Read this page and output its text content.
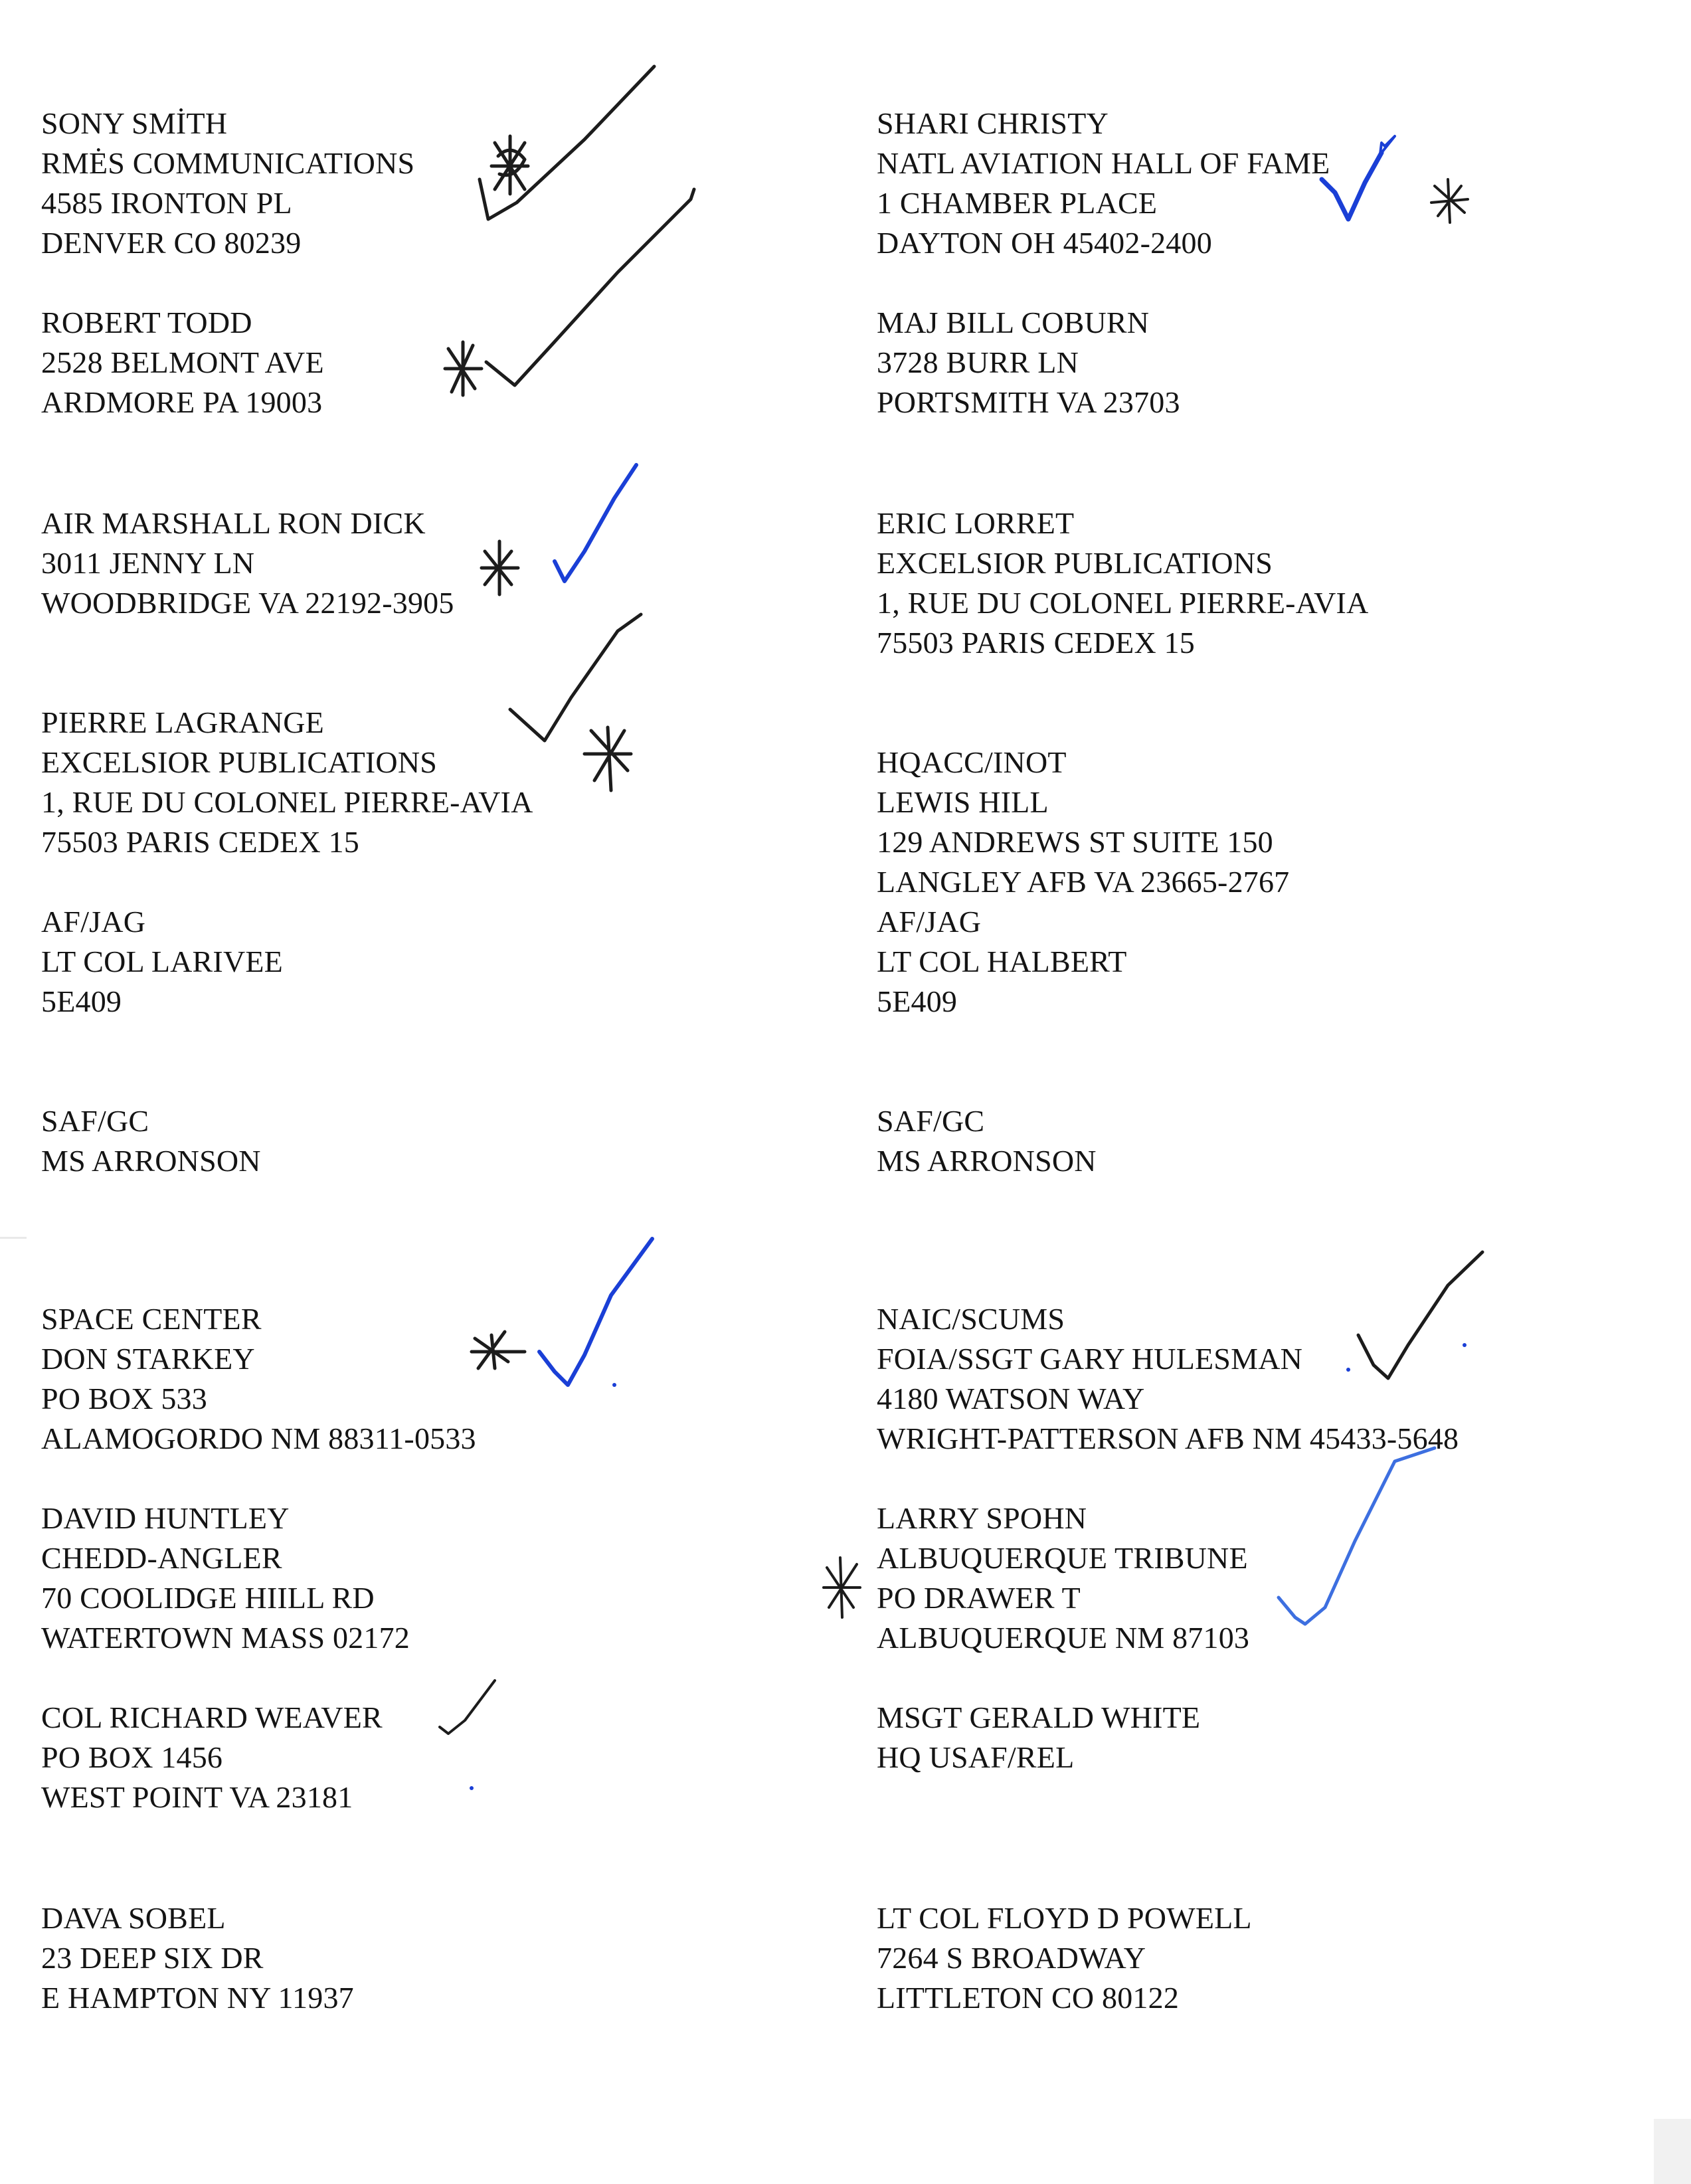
SONY SMİTH
RMĖS COMMUNICATIONS
4585 IRONTON PL
DENVER CO 80239
ROBERT TODD
2528 BELMONT AVE
ARDMORE PA 19003
AIR MARSHALL RON DICK
3011 JENNY LN
WOODBRIDGE VA 22192-3905
PIERRE LAGRANGE
EXCELSIOR PUBLICATIONS
1, RUE DU COLONEL PIERRE-AVIA
75503 PARIS CEDEX 15
AF/JAG
LT COL LARIVEE
5E409
SAF/GC
MS ARRONSON
SPACE CENTER
DON STARKEY
PO BOX 533
ALAMOGORDO NM 88311-0533
DAVID HUNTLEY
CHEDD-ANGLER
70 COOLIDGE HIILL RD
WATERTOWN MASS 02172
COL RICHARD WEAVER
PO BOX 1456
WEST POINT VA 23181
DAVA SOBEL
23 DEEP SIX DR
E HAMPTON NY 11937
SHARI CHRISTY
NATL AVIATION HALL OF FAME
1 CHAMBER PLACE
DAYTON OH 45402-2400
MAJ BILL COBURN
3728 BURR LN
PORTSMITH VA 23703
ERIC LORRET
EXCELSIOR PUBLICATIONS
1, RUE DU COLONEL PIERRE-AVIA
75503 PARIS CEDEX 15
HQACC/INOT
LEWIS HILL
129 ANDREWS ST SUITE 150
LANGLEY AFB VA 23665-2767
AF/JAG
LT COL HALBERT
5E409
SAF/GC
MS ARRONSON
NAIC/SCUMS
FOIA/SSGT GARY HULESMAN
4180 WATSON WAY
WRIGHT-PATTERSON AFB NM 45433-5648
LARRY SPOHN
ALBUQUERQUE TRIBUNE
PO DRAWER T
ALBUQUERQUE NM 87103
MSGT GERALD WHITE
HQ USAF/REL
LT COL FLOYD D POWELL
7264 S BROADWAY
LITTLETON CO 80122
